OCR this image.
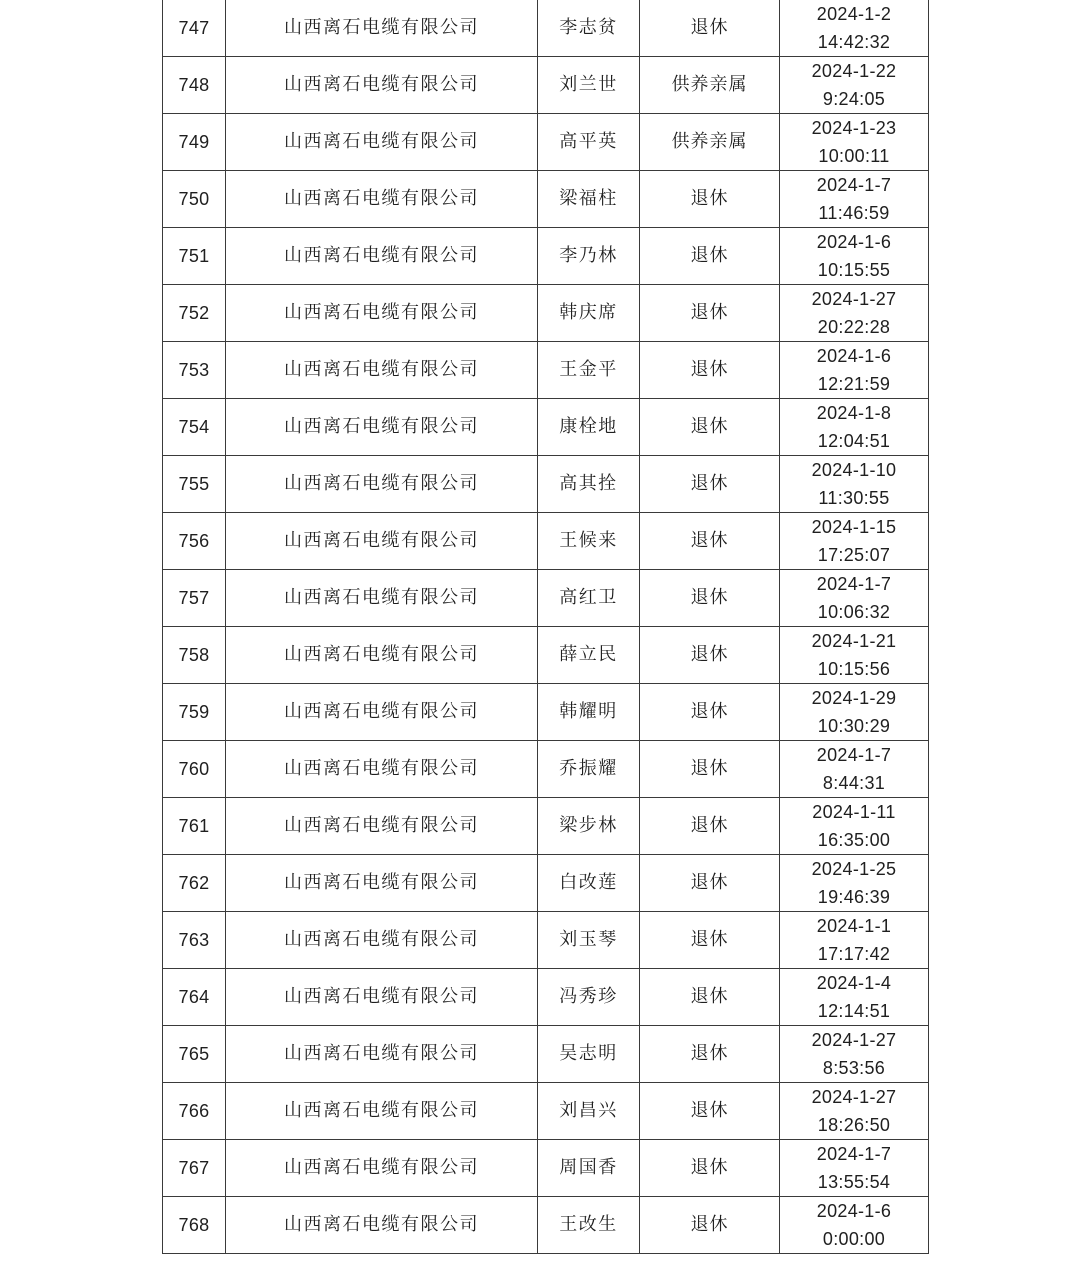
747	山西离石电缆有限公司	李志贫	退休	2024-1-2
14:42:32

748	山西离石电缆有限公司	刘兰世	供养亲属	2024-1-22
9:24:05

749	山西离石电缆有限公司	高平英	供养亲属	2024-1-23
10:00:11

750	山西离石电缆有限公司	梁福柱	退休	2024-1-7
11:46:59

751	山西离石电缆有限公司	李乃林	退休	2024-1-6
10:15:55

752	山西离石电缆有限公司	韩庆席	退休	2024-1-27
20:22:28

753	山西离石电缆有限公司	王金平	退休	2024-1-6
12:21:59

754	山西离石电缆有限公司	康栓地	退休	2024-1-8
12:04:51

755	山西离石电缆有限公司	高其拴	退休	2024-1-10
11:30:55

756	山西离石电缆有限公司	王候来	退休	2024-1-15
17:25:07

757	山西离石电缆有限公司	高红卫	退休	2024-1-7
10:06:32

758	山西离石电缆有限公司	薛立民	退休	2024-1-21
10:15:56

759	山西离石电缆有限公司	韩耀明	退休	2024-1-29
10:30:29

760	山西离石电缆有限公司	乔振耀	退休	2024-1-7
8:44:31

761	山西离石电缆有限公司	梁步林	退休	2024-1-11
16:35:00

762	山西离石电缆有限公司	白改莲	退休	2024-1-25
19:46:39

763	山西离石电缆有限公司	刘玉琴	退休	2024-1-1
17:17:42

764	山西离石电缆有限公司	冯秀珍	退休	2024-1-4
12:14:51

765	山西离石电缆有限公司	吴志明	退休	2024-1-27
8:53:56

766	山西离石电缆有限公司	刘昌兴	退休	2024-1-27
18:26:50

767	山西离石电缆有限公司	周国香	退休	2024-1-7
13:55:54

768	山西离石电缆有限公司	王改生	退休	2024-1-6
0:00:00
